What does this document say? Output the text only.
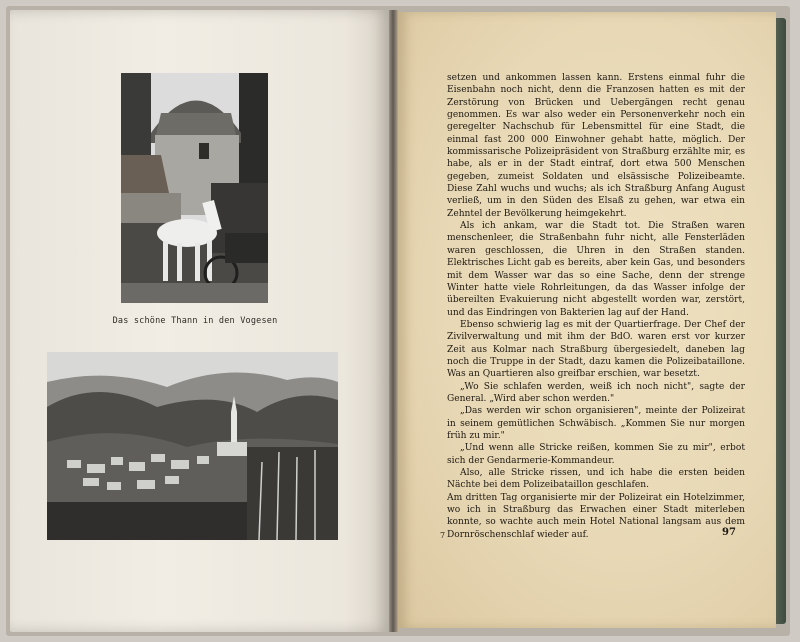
Das schöne Thann in den Vogesen

setzen und ankommen lassen kann. Erstens einmal fuhr die Eisenbahn noch nicht, denn die Franzosen hatten es mit der Zerstörung von Brücken und Uebergängen recht genau genommen. Es war also weder ein Personenverkehr noch ein geregelter Nachschub für Lebensmittel für eine Stadt, die einmal fast 200 000 Einwohner gehabt hatte, möglich. Der kommissarische Polizeipräsident von Straßburg erzählte mir, es habe, als er in der Stadt eintraf, dort etwa 500 Menschen gegeben, zumeist Soldaten und elsässische Polizeibeamte. Diese Zahl wuchs und wuchs; als ich Straßburg Anfang August verließ, um in den Süden des Elsaß zu gehen, war etwa ein Zehntel der Bevölkerung heimgekehrt.

Als ich ankam, war die Stadt tot. Die Straßen waren menschenleer, die Straßenbahn fuhr nicht, alle Fensterläden waren geschlossen, die Uhren in den Straßen standen. Elektrisches Licht gab es bereits, aber kein Gas, und besonders mit dem Wasser war das so eine Sache, denn der strenge Winter hatte viele Rohrleitungen, da das Wasser infolge der übereilten Evakuierung nicht abgestellt worden war, zerstört, und das Eindringen von Bakterien lag auf der Hand.

Ebenso schwierig lag es mit der Quartierfrage. Der Chef der Zivilverwaltung und mit ihm der BdO. waren erst vor kurzer Zeit aus Kolmar nach Straßburg übergesiedelt, daneben lag noch die Truppe in der Stadt, dazu kamen die Polizeibataillone. Was an Quartieren also greifbar erschien, war besetzt.

„Wo Sie schlafen werden, weiß ich noch nicht", sagte der General. „Wird aber schon werden."

„Das werden wir schon organisieren", meinte der Polizeirat in seinem gemütlichen Schwäbisch. „Kommen Sie nur morgen früh zu mir."

„Und wenn alle Stricke reißen, kommen Sie zu mir", erbot sich der Gendarmerie-Kommandeur.

Also, alle Stricke rissen, und ich habe die ersten beiden Nächte bei dem Polizeibataillon geschlafen.

Am dritten Tag organisierte mir der Polizeirat ein Hotelzimmer, wo ich in Straßburg das Erwachen einer Stadt miterleben konnte, so wachte auch mein Hotel National langsam aus dem Dornröschenschlaf wieder auf.

7	97
